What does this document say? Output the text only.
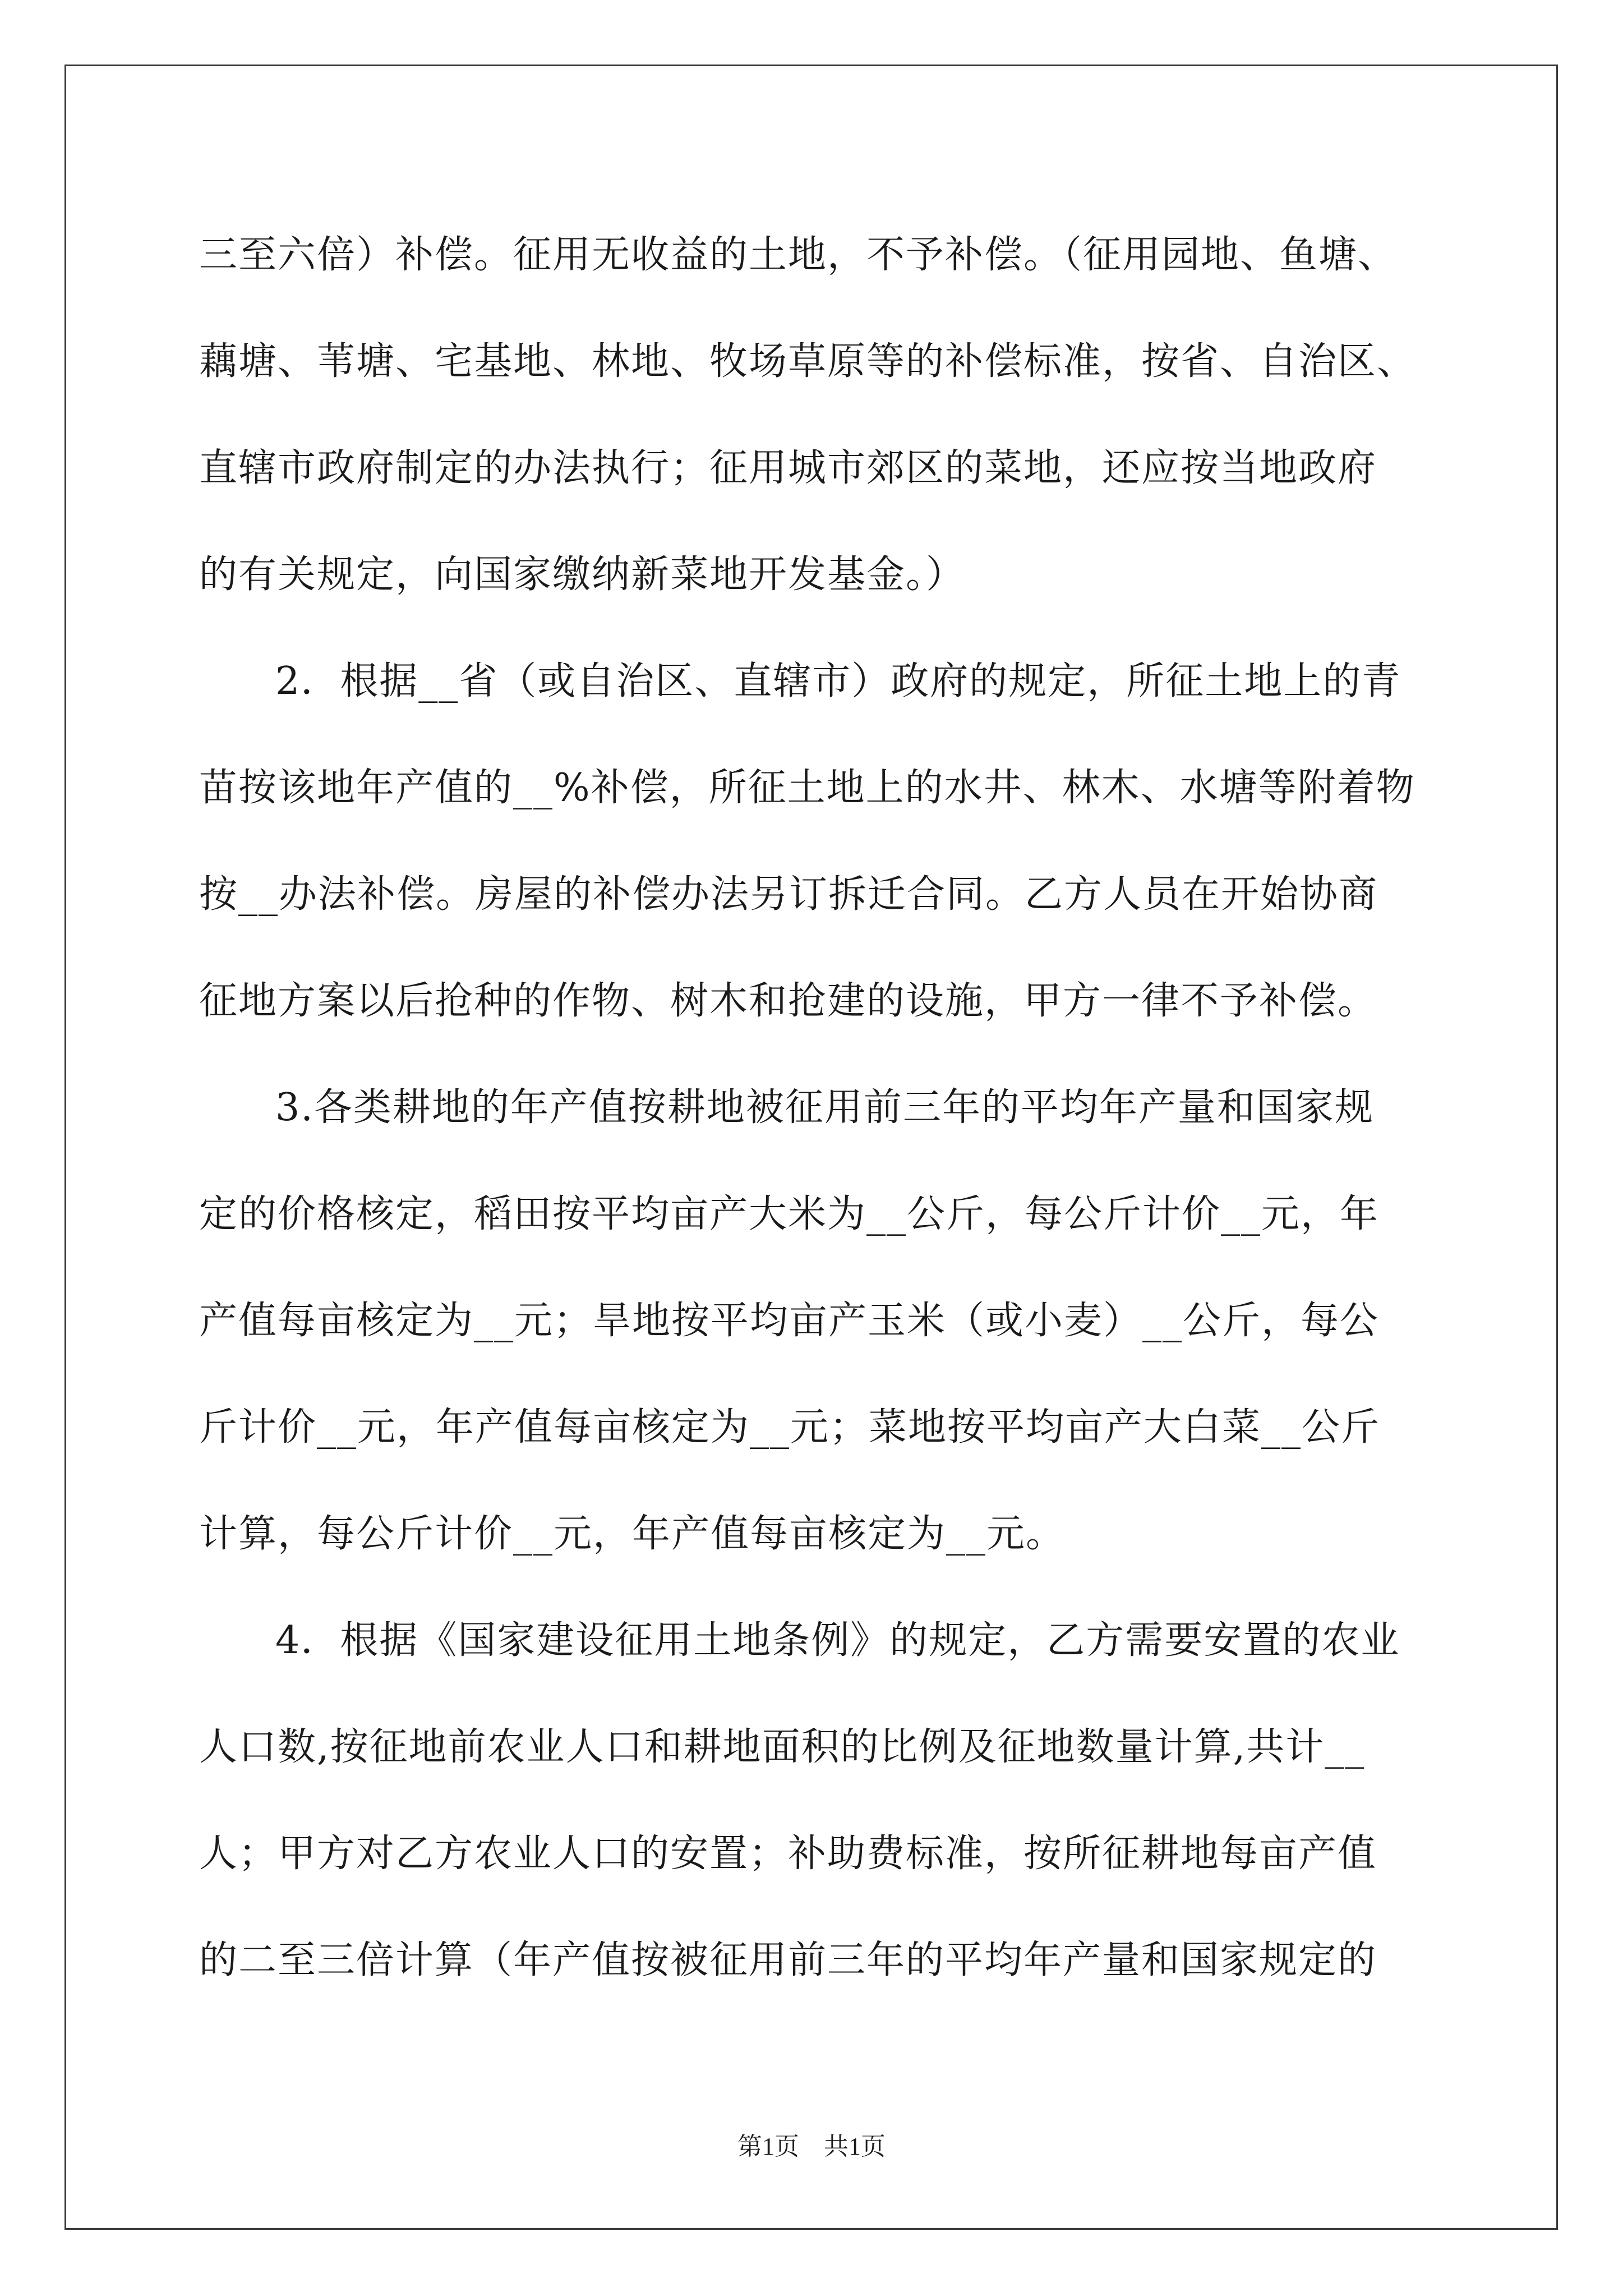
三至六倍）补偿。征用无收益的土地，不予补偿。（征用园地、鱼塘、
藕塘、苇塘、宅基地、林地、牧场草原等的补偿标准，按省、自治区、
直辖市政府制定的办法执行；征用城市郊区的菜地，还应按当地政府
的有关规定，向国家缴纳新菜地开发基金。）
2．根据__省（或自治区、直辖市）政府的规定，所征土地上的青
苗按该地年产值的__%补偿，所征土地上的水井、林木、水塘等附着物
按__办法补偿。房屋的补偿办法另订拆迁合同。乙方人员在开始协商
征地方案以后抢种的作物、树木和抢建的设施，甲方一律不予补偿。
3.各类耕地的年产值按耕地被征用前三年的平均年产量和国家规
定的价格核定，稻田按平均亩产大米为__公斤，每公斤计价__元，年
产值每亩核定为__元；旱地按平均亩产玉米（或小麦）__公斤，每公
斤计价__元，年产值每亩核定为__元；菜地按平均亩产大白菜__公斤
计算，每公斤计价__元，年产值每亩核定为__元。
4．根据《国家建设征用土地条例》的规定，乙方需要安置的农业
人口数,按征地前农业人口和耕地面积的比例及征地数量计算,共计__
人；甲方对乙方农业人口的安置；补助费标准，按所征耕地每亩产值
的二至三倍计算（年产值按被征用前三年的平均年产量和国家规定的
第1页　共1页
